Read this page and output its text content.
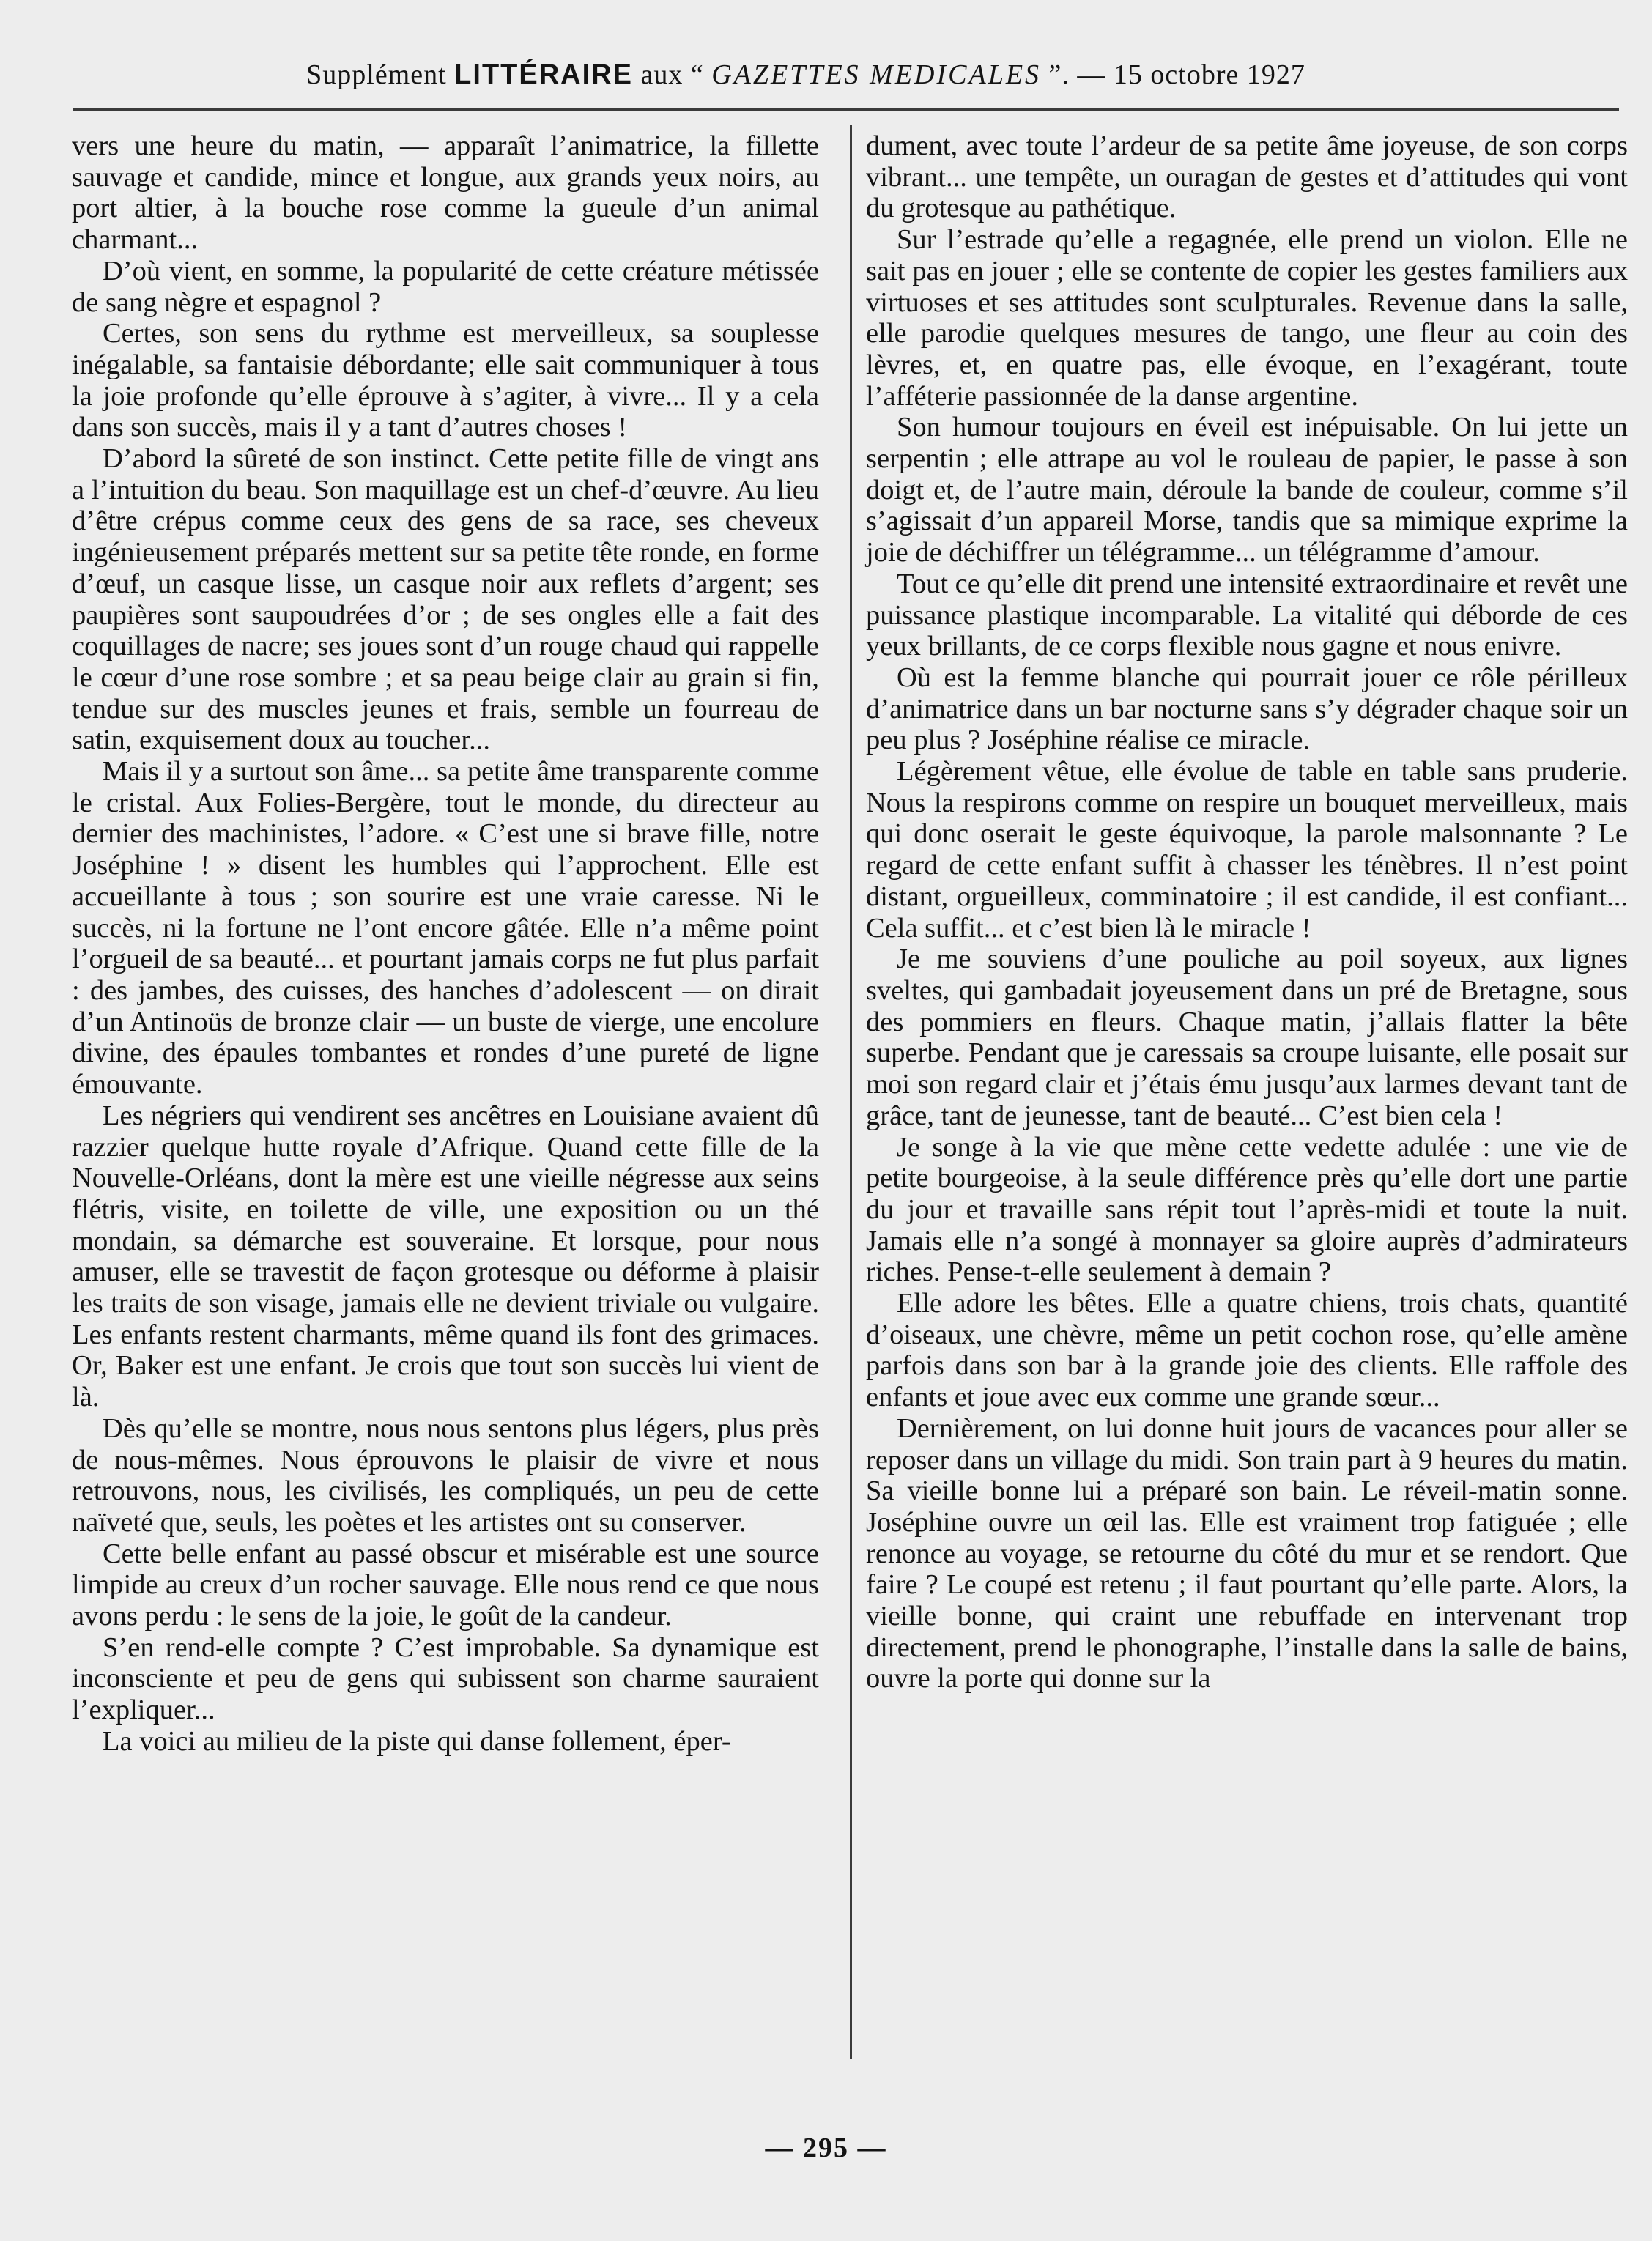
Supplément LITTÉRAIRE aux “ GAZETTES MEDICALES ”. — 15 octobre 1927

vers une heure du matin, — apparaît l’animatrice, la fillette sauvage et candide, mince et longue, aux grands yeux noirs, au port altier, à la bouche rose comme la gueule d’un animal charmant...

D’où vient, en somme, la popularité de cette créature métissée de sang nègre et espagnol ?

Certes, son sens du rythme est merveilleux, sa souplesse inégalable, sa fantaisie débordante; elle sait communiquer à tous la joie profonde qu’elle éprouve à s’agiter, à vivre... Il y a cela dans son succès, mais il y a tant d’autres choses !

D’abord la sûreté de son instinct. Cette petite fille de vingt ans a l’intuition du beau. Son maquillage est un chef-d’œuvre. Au lieu d’être crépus comme ceux des gens de sa race, ses cheveux ingénieusement préparés mettent sur sa petite tête ronde, en forme d’œuf, un casque lisse, un casque noir aux reflets d’argent; ses paupières sont saupoudrées d’or ; de ses ongles elle a fait des coquillages de nacre; ses joues sont d’un rouge chaud qui rappelle le cœur d’une rose sombre ; et sa peau beige clair au grain si fin, tendue sur des muscles jeunes et frais, semble un fourreau de satin, exquisement doux au toucher...

Mais il y a surtout son âme... sa petite âme transparente comme le cristal. Aux Folies-Bergère, tout le monde, du directeur au dernier des machinistes, l’adore. « C’est une si brave fille, notre Joséphine ! » disent les humbles qui l’approchent. Elle est accueillante à tous ; son sourire est une vraie caresse. Ni le succès, ni la fortune ne l’ont encore gâtée. Elle n’a même point l’orgueil de sa beauté... et pourtant jamais corps ne fut plus parfait : des jambes, des cuisses, des hanches d’adolescent — on dirait d’un Antinoüs de bronze clair — un buste de vierge, une encolure divine, des épaules tombantes et rondes d’une pureté de ligne émouvante.

Les négriers qui vendirent ses ancêtres en Louisiane avaient dû razzier quelque hutte royale d’Afrique. Quand cette fille de la Nouvelle-Orléans, dont la mère est une vieille négresse aux seins flétris, visite, en toilette de ville, une exposition ou un thé mondain, sa démarche est souveraine. Et lorsque, pour nous amuser, elle se travestit de façon grotesque ou déforme à plaisir les traits de son visage, jamais elle ne devient triviale ou vulgaire. Les enfants restent charmants, même quand ils font des grimaces. Or, Baker est une enfant. Je crois que tout son succès lui vient de là.

Dès qu’elle se montre, nous nous sentons plus légers, plus près de nous-mêmes. Nous éprouvons le plaisir de vivre et nous retrouvons, nous, les civilisés, les compliqués, un peu de cette naïveté que, seuls, les poètes et les artistes ont su conserver.

Cette belle enfant au passé obscur et misérable est une source limpide au creux d’un rocher sauvage. Elle nous rend ce que nous avons perdu : le sens de la joie, le goût de la candeur.

S’en rend-elle compte ? C’est improbable. Sa dynamique est inconsciente et peu de gens qui subissent son charme sauraient l’expliquer...

La voici au milieu de la piste qui danse follement, éper-

dument, avec toute l’ardeur de sa petite âme joyeuse, de son corps vibrant... une tempête, un ouragan de gestes et d’attitudes qui vont du grotesque au pathétique.

Sur l’estrade qu’elle a regagnée, elle prend un violon. Elle ne sait pas en jouer ; elle se contente de copier les gestes familiers aux virtuoses et ses attitudes sont sculpturales. Revenue dans la salle, elle parodie quelques mesures de tango, une fleur au coin des lèvres, et, en quatre pas, elle évoque, en l’exagérant, toute l’afféterie passionnée de la danse argentine.

Son humour toujours en éveil est inépuisable. On lui jette un serpentin ; elle attrape au vol le rouleau de papier, le passe à son doigt et, de l’autre main, déroule la bande de couleur, comme s’il s’agissait d’un appareil Morse, tandis que sa mimique exprime la joie de déchiffrer un télégramme... un télégramme d’amour.

Tout ce qu’elle dit prend une intensité extraordinaire et revêt une puissance plastique incomparable. La vitalité qui déborde de ces yeux brillants, de ce corps flexible nous gagne et nous enivre.

Où est la femme blanche qui pourrait jouer ce rôle périlleux d’animatrice dans un bar nocturne sans s’y dégrader chaque soir un peu plus ? Joséphine réalise ce miracle.

Légèrement vêtue, elle évolue de table en table sans pruderie. Nous la respirons comme on respire un bouquet merveilleux, mais qui donc oserait le geste équivoque, la parole malsonnante ? Le regard de cette enfant suffit à chasser les ténèbres. Il n’est point distant, orgueilleux, comminatoire ; il est candide, il est confiant... Cela suffit... et c’est bien là le miracle !

Je me souviens d’une pouliche au poil soyeux, aux lignes sveltes, qui gambadait joyeusement dans un pré de Bretagne, sous des pommiers en fleurs. Chaque matin, j’allais flatter la bête superbe. Pendant que je caressais sa croupe luisante, elle posait sur moi son regard clair et j’étais ému jusqu’aux larmes devant tant de grâce, tant de jeunesse, tant de beauté... C’est bien cela !

Je songe à la vie que mène cette vedette adulée : une vie de petite bourgeoise, à la seule différence près qu’elle dort une partie du jour et travaille sans répit tout l’après-midi et toute la nuit. Jamais elle n’a songé à monnayer sa gloire auprès d’admirateurs riches. Pense-t-elle seulement à demain ?

Elle adore les bêtes. Elle a quatre chiens, trois chats, quantité d’oiseaux, une chèvre, même un petit cochon rose, qu’elle amène parfois dans son bar à la grande joie des clients. Elle raffole des enfants et joue avec eux comme une grande sœur...

Dernièrement, on lui donne huit jours de vacances pour aller se reposer dans un village du midi. Son train part à 9 heures du matin. Sa vieille bonne lui a préparé son bain. Le réveil-matin sonne. Joséphine ouvre un œil las. Elle est vraiment trop fatiguée ; elle renonce au voyage, se retourne du côté du mur et se rendort. Que faire ? Le coupé est retenu ; il faut pourtant qu’elle parte. Alors, la vieille bonne, qui craint une rebuffade en intervenant trop directement, prend le phonographe, l’installe dans la salle de bains, ouvre la porte qui donne sur la

— 295 —
